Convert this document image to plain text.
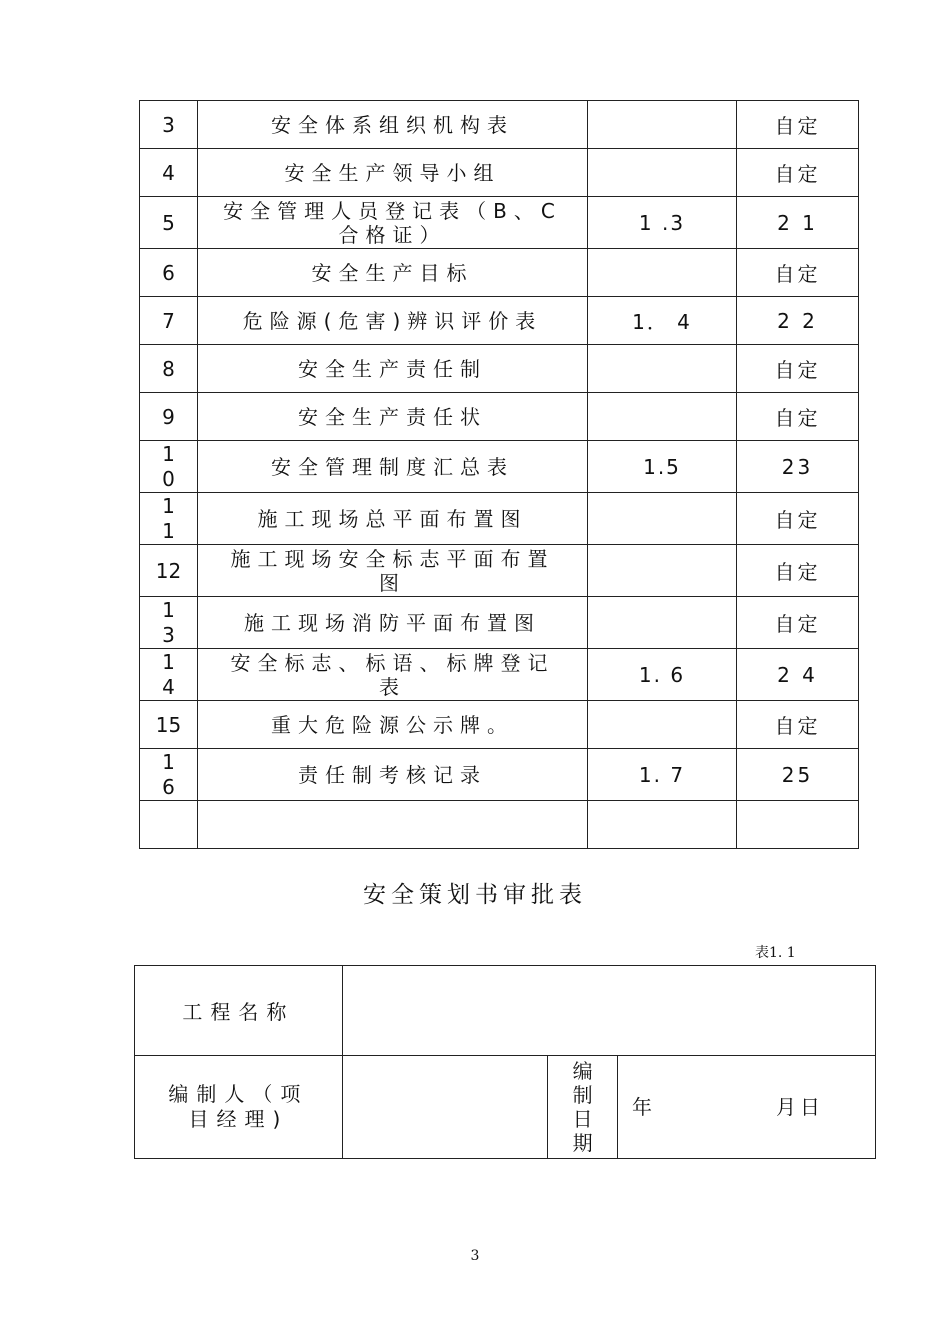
3	安全体系组织机构表		自定
4	安全生产领导小组		自定
5	安全管理人员登记表（B、C合格证）	1 .3	2 1
6	安全生产目标		自定
7	危险源(危害)辨识评价表	1． 4	2 2
8	安全生产责任制		自定
9	安全生产责任状		自定
10	安全管理制度汇总表	1.5	23
11	施工现场总平面布置图		自定
12	施工现场安全标志平面布置图		自定
13	施工现场消防平面布置图		自定
14	安全标志、标语、标牌登记表	1. 6	2 4
15	重大危险源公示牌。		自定
16	责任制考核记录	1. 7	25

安全策划书审批表
表1. 1
工程名称			
编制人（项目经理)		编制日期	年　　　　　月日
3
